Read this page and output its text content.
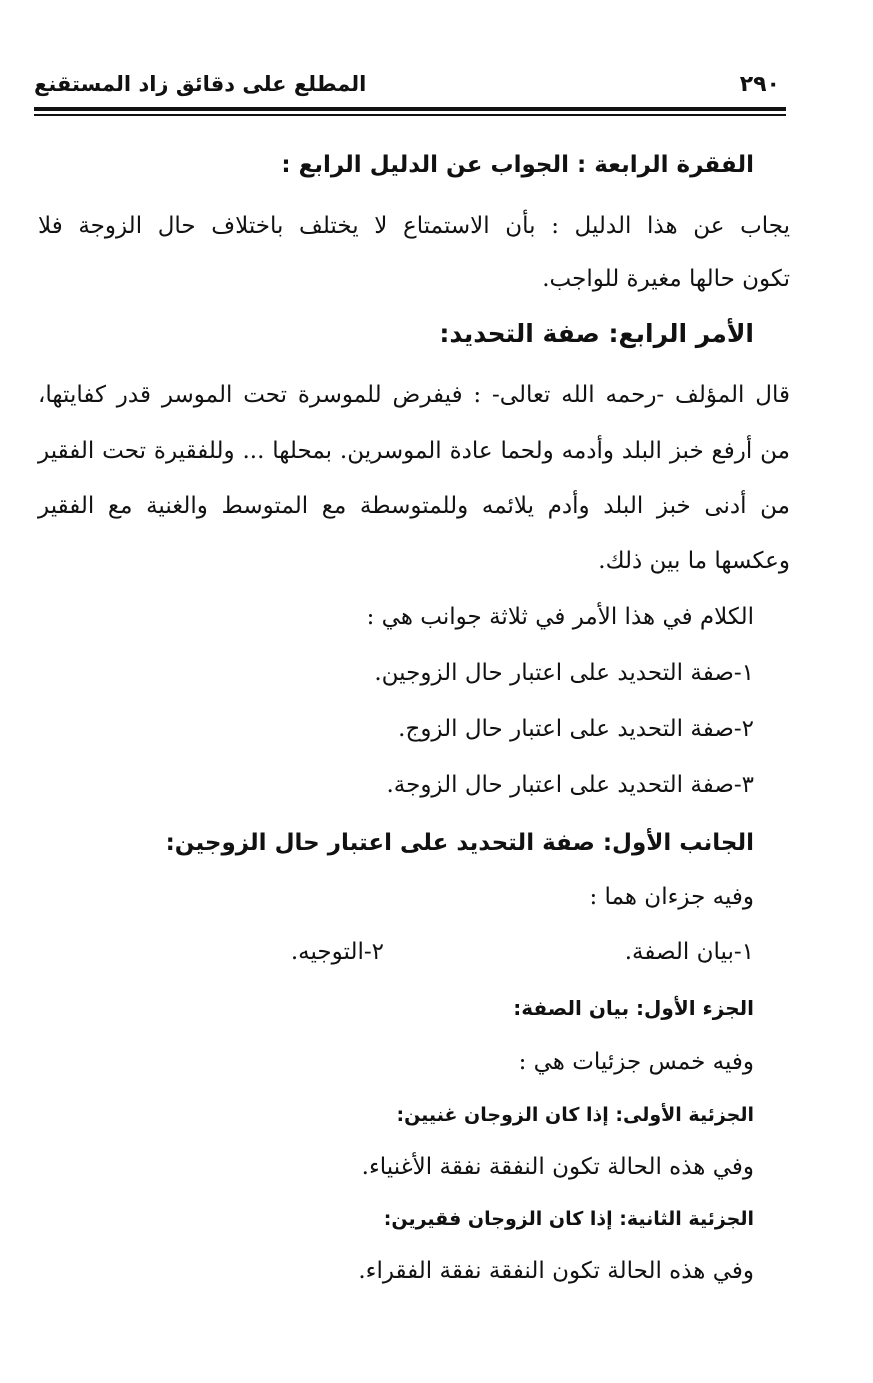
٢٩٠
المطلع على دقائق زاد المستقنع
الفقرة الرابعة : الجواب عن الدليل الرابع :
يجاب عن هذا الدليل : بأن الاستمتاع لا يختلف باختلاف حال الزوجة فلا
تكون حالها مغيرة للواجب.
الأمر الرابع: صفة التحديد:
قال المؤلف -رحمه الله تعالى- : فيفرض للموسرة تحت الموسر قدر كفايتها،
من أرفع خبز البلد وأدمه ولحما عادة الموسرين. بمحلها ... وللفقيرة تحت الفقير
من أدنى خبز البلد وأدم يلائمه وللمتوسطة مع المتوسط والغنية مع الفقير
وعكسها ما بين ذلك.
الكلام في هذا الأمر في ثلاثة جوانب هي :
١-صفة التحديد على اعتبار حال الزوجين.
٢-صفة التحديد على اعتبار حال الزوج.
٣-صفة التحديد على اعتبار حال الزوجة.
الجانب الأول: صفة التحديد على اعتبار حال الزوجين:
وفيه جزءان هما :
١-بيان الصفة.
٢-التوجيه.
الجزء الأول: بيان الصفة:
وفيه خمس جزئيات هي :
الجزئية الأولى: إذا كان الزوجان غنيين:
وفي هذه الحالة تكون النفقة نفقة الأغنياء.
الجزئية الثانية: إذا كان الزوجان فقيرين:
وفي هذه الحالة تكون النفقة نفقة الفقراء.
